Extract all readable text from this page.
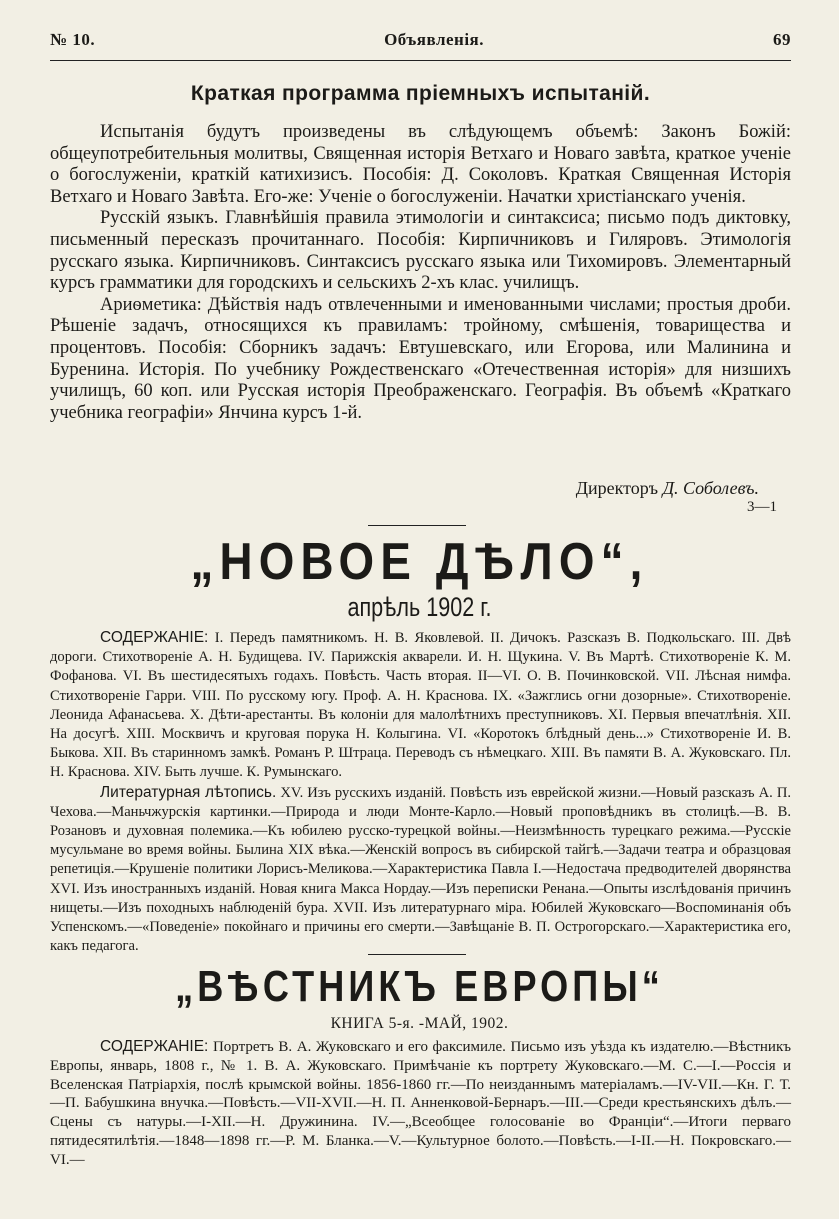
№ 10.	Объявленія.	69
Краткая программа пріемныхъ испытаній.

Испытанія будутъ произведены въ слѣдующемъ объемѣ: Законъ Божій: общеупотребительныя молитвы, Священная исторія Ветхаго и Новаго завѣта, краткое ученіе о богослуженіи, краткій катихизисъ. Пособія: Д. Соколовъ. Краткая Священная Исторія Ветхаго и Новаго Завѣта. Его-же: Ученіе о богослуженіи. Начатки христіанскаго ученія.

Русскій языкъ. Главнѣйшія правила этимологіи и синтаксиса; письмо подъ диктовку, письменный пересказъ прочитаннаго. Пособія: Кирпичниковъ и Гиляровъ. Этимологія русскаго языка. Кирпичниковъ. Синтаксисъ русскаго языка или Тихомировъ. Элементарный курсъ грамматики для городскихъ и сельскихъ 2-хъ клас. училищъ.

Ариѳметика: Дѣйствія надъ отвлеченными и именованными числами; простыя дроби. Рѣшеніе задачъ, относящихся къ правиламъ: тройному, смѣшенія, товарищества и процентовъ. Пособія: Сборникъ задачъ: Евтушевскаго, или Егорова, или Малинина и Буренина. Исторія. По учебнику Рождественскаго «Отечественная исторія» для низшихъ училищъ, 60 коп. или Русская исторія Преображенскаго. Географія. Въ объемѣ «Краткаго учебника географіи» Янчина курсъ 1-й.

Директоръ Д. Соболевъ.
3—1
„НОВОЕ ДѢЛО“,
апрѣль 1902 г.

СОДЕРЖАНІЕ: I. Передъ памятникомъ. Н. В. Яковлевой. II. Дичокъ. Разсказъ В. Подкольскаго. III. Двѣ дороги. Стихотвореніе А. Н. Будищева. IV. Парижскія акварели. И. Н. Щукина. V. Въ Мартѣ. Стихотвореніе К. М. Фофанова. VI. Въ шестидесятыхъ годахъ. Повѣсть. Часть вторая. II—VI. О. В. Починковской. VII. Лѣсная нимфа. Стихотвореніе Гарри. VIII. По русскому югу. Проф. А. Н. Краснова. IX. «Зажглись огни дозорные». Стихотвореніе. Леонида Афанасьева. X. Дѣти-арестанты. Въ колоніи для малолѣтнихъ преступниковъ. XI. Первыя впечатлѣнія. XII. На досугѣ. XIII. Москвичъ и круговая порука Н. Колыгина. VI. «Коротокъ блѣдный день...» Стихотвореніе И. В. Быкова. XII. Въ старинномъ замкѣ. Романъ Р. Штраца. Переводъ съ нѣмецкаго. XIII. Въ памяти В. А. Жуковскаго. Пл. Н. Краснова. XIV. Быть лучше. К. Румынскаго.

Литературная лѣтопись. XV. Изъ русскихъ изданій. Повѣсть изъ еврейской жизни.—Новый разсказъ А. П. Чехова.—Маньчжурскія картинки.—Природа и люди Монте-Карло.—Новый проповѣдникъ въ столицѣ.—В. В. Розановъ и духовная полемика.—Къ юбилею русско-турецкой войны.—Неизмѣнность турецкаго режима.—Русскіе мусульмане во время войны. Былина XIX вѣка.—Женскій вопросъ въ сибирской тайгѣ.—Задачи театра и образцовая репетиція.—Крушеніе политики Лорисъ-Меликова.—Характеристика Павла I.—Недостача предводителей дворянства XVI. Изъ иностранныхъ изданій. Новая книга Макса Нордау.—Изъ переписки Ренана.—Опыты изслѣдованія причинъ нищеты.—Изъ походныхъ наблюденій бура. XVII. Изъ литературнаго міра. Юбилей Жуковскаго—Воспоминанія объ Успенскомъ.—«Поведеніе» покойнаго и причины его смерти.—Завѣщаніе В. П. Острогорскаго.—Характеристика его, какъ педагога.

„ВѢСТНИКЪ ЕВРОПЫ“
КНИГА 5-я. -МАЙ, 1902.

СОДЕРЖАНІЕ: Портретъ В. А. Жуковскаго и его факсимиле. Письмо изъ уѣзда къ издателю.—Вѣстникъ Европы, январь, 1808 г., № 1. В. А. Жуковскаго. Примѣчаніе къ портрету Жуковскаго.—М. С.—I.—Россія и Вселенская Патріархія, послѣ крымской войны. 1856-1860 гг.—По неизданнымъ матеріаламъ.—IV-VII.—Кн. Г. Т.—П. Бабушкина внучка.—Повѣсть.—VII-XVII.—Н. П. Анненковой-Бернаръ.—III.—Среди крестьянскихъ дѣлъ.—Сцены съ натуры.—I-XII.—Н. Дружинина. IV.—„Всеобщее голосованіе во Франціи“.—Итоги перваго пятидесятилѣтія.—1848—1898 гг.—Р. М. Бланка.—V.—Культурное болото.—Повѣсть.—I-II.—Н. Покровскаго.—VI.—
